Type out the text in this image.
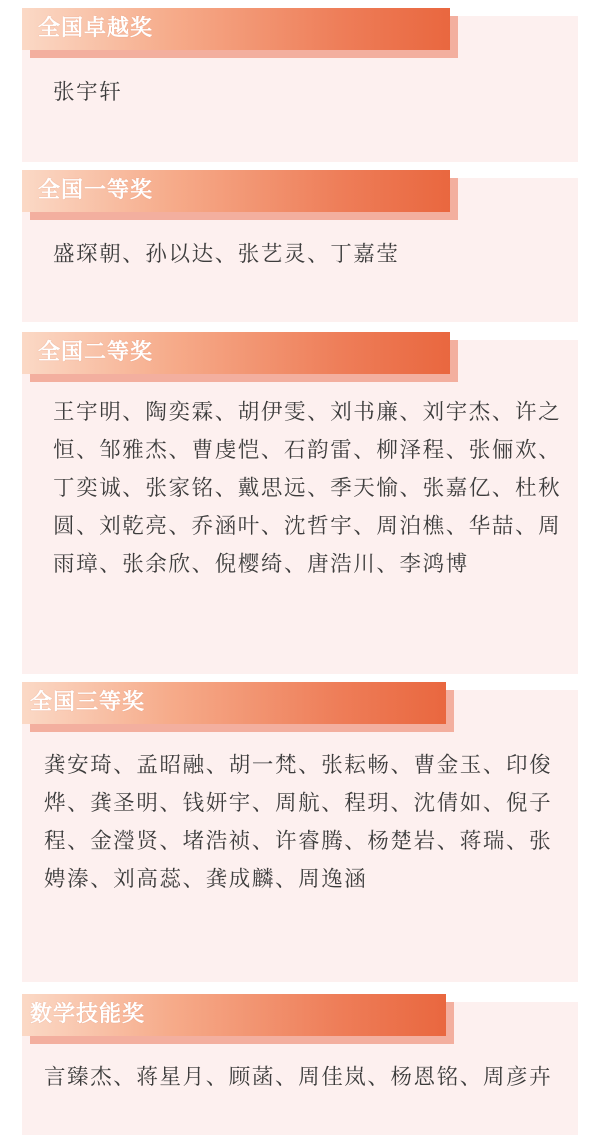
全国卓越奖

张宇轩

全国一等奖

盛琛朝、孙以达、张艺灵、丁嘉莹

全国二等奖

王宇明、陶奕霖、胡伊雯、刘书廉、刘宇杰、许之恒、邹雅杰、曹虔恺、石韵雷、柳泽程、张俪欢、丁奕诚、张家铭、戴思远、季天愉、张嘉亿、杜秋圆、刘乾亮、乔涵叶、沈哲宇、周泊樵、华喆、周雨璋、张余欣、倪樱绮、唐浩川、李鸿博

全国三等奖

龚安琦、孟昭融、胡一梵、张耘畅、曹金玉、印俊烨、龚圣明、钱妍宇、周航、程玥、沈倩如、倪子程、金瀅贤、堵浩祯、许睿腾、杨楚岩、蒋瑞、张娉溱、刘高蕊、龚成麟、周逸涵

数学技能奖

言臻杰、蒋星月、顾菡、周佳岚、杨恩铭、周彦卉
